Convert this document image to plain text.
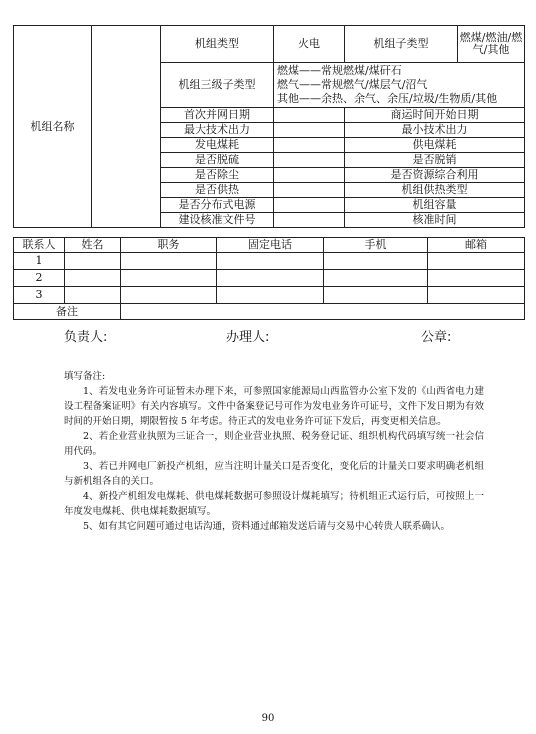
机组名称		机组类型	火电	机组子类型	燃煤/燃油/燃气/其他
		机组三级子类型	燃煤——常规燃煤/煤矸石
燃气——常规燃气/煤层气/沼气
其他——余热、余气、余压/垃圾/生物质/其他		

		首次并网日期		商运时间开始日期	
		最大技术出力		最小技术出力	
		发电煤耗		供电煤耗	
		是否脱硫		是否脱销	
		是否除尘		是否资源综合利用	
		是否供热		机组供热类型	
		是否分布式电源		机组容量	
		建设核准文件号		核准时间	
联系人	姓名	职务	固定电话	手机	邮箱
1					
2					
3					
备注					
负责人:	办理人:	公章:

填写备注:

1、若发电业务许可证暂未办理下来，可参照国家能源局山西监管办公室下发的《山西省电力建设工程备案证明》有关内容填写。文件中备案登记号可作为发电业务许可证号，文件下发日期为有效时间的开始日期，期限暂按 5 年考虑。待正式的发电业务许可证下发后，再变更相关信息。

2、若企业营业执照为三证合一，则企业营业执照、税务登记证、组织机构代码填写统一社会信用代码。

3、若已并网电厂新投产机组，应当注明计量关口是否变化，变化后的计量关口要求明确老机组与新机组各自的关口。

4、新投产机组发电煤耗、供电煤耗数据可参照设计煤耗填写；待机组正式运行后，可按照上一年度发电煤耗、供电煤耗数据填写。

5、如有其它问题可通过电话沟通，资料通过邮箱发送后请与交易中心转贵人联系确认。

90
